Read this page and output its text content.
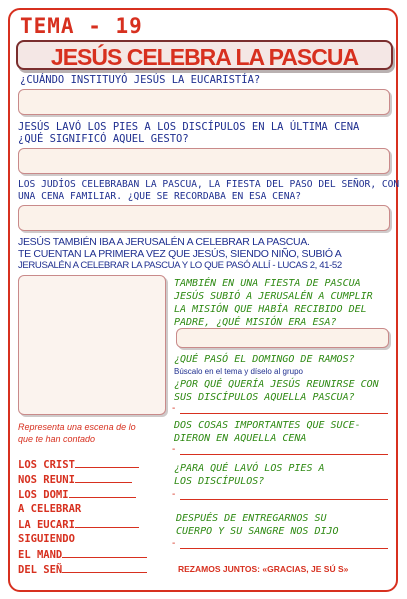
TEMA - 19
JESÚS CELEBRA LA PASCUA
¿CUÁNDO INSTITUYÓ JESÚS LA EUCARISTÍA?
JESÚS LAVÓ LOS PIES A LOS DISCÍPULOS EN LA ÚLTIMA CENA
¿QUÉ SIGNIFICÓ AQUEL GESTO?
LOS JUDÍOS CELEBRABAN LA PASCUA, LA FIESTA DEL PASO DEL SEÑOR, CON
UNA CENA FAMILIAR. ¿QUE SE RECORDABA EN ESA CENA?
JESÚS TAMBIÉN IBA A JERUSALÉN A CELEBRAR LA PASCUA.
TE CUENTAN LA PRIMERA VEZ QUE JESÚS, SIENDO NIÑO, SUBIÓ A
JERUSALÉN A CELEBRAR LA PASCUA Y LO QUE PASÓ ALLÍ - LUCAS 2, 41-52
TAMBIÉN EN UNA FIESTA DE PASCUA
JESÚS SUBIÓ A JERUSALÉN A CUMPLIR
LA MISIÓN QUE HABÍA RECIBIDO DEL
PADRE, ¿QUÉ MISIÓN ERA ESA?
¿QUÉ PASÓ EL DOMINGO DE RAMOS?
Búscalo en el tema y díselo al grupo
¿POR QUÉ QUERÍA JESÚS REUNIRSE CON
SUS DISCÍPULOS AQUELLA PASCUA?
-
DOS COSAS IMPORTANTES QUE SUCE-
DIERON EN AQUELLA CENA
-
¿PARA QUÉ LAVÓ LOS PIES A
LOS DISCÍPULOS?
-
DESPUÉS DE ENTREGARNOS SU
CUERPO Y SU SANGRE NOS DIJO
-
REZAMOS JUNTOS: «GRACIAS, JE SÚ S»
Representa una escena de lo
que te han contado
LOS CRIST
NOS REUNI
LOS DOMI
A CELEBRAR
LA EUCARI
SIGUIENDO
EL MAND
DEL SEÑ
